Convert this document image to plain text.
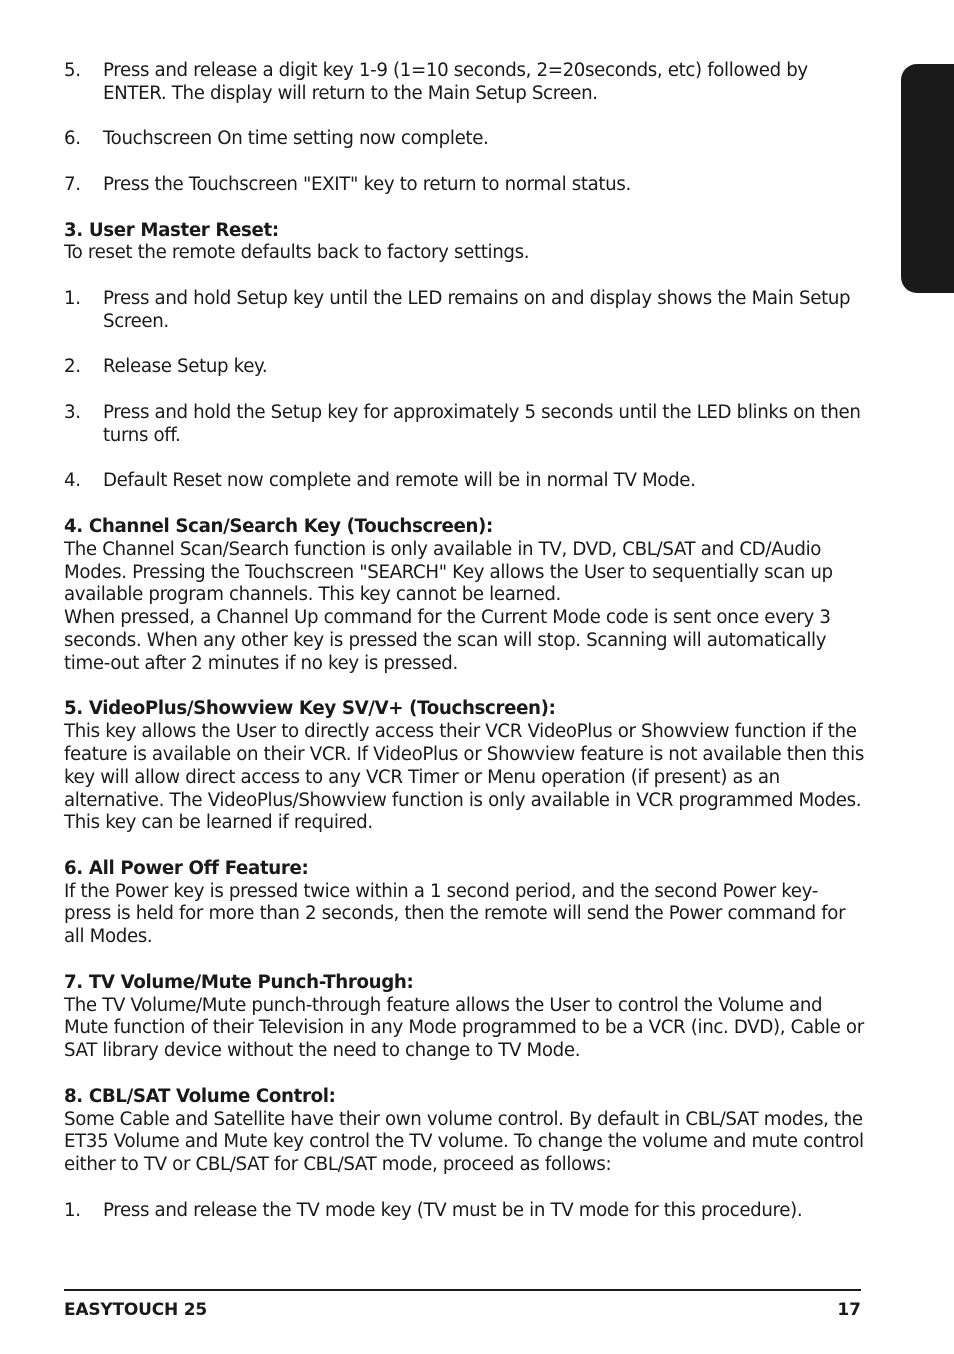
5.	Press and release a digit key 1-9 (1=10 seconds, 2=20seconds, etc) followed by ENTER. The display will return to the Main Setup Screen.
6.	Touchscreen On time setting now complete.
7.	Press the Touchscreen "EXIT" key to return to normal status.

3. User Master Reset:

To reset the remote defaults back to factory settings.

1.	Press and hold Setup key until the LED remains on and display shows the Main Setup Screen.
2.	Release Setup key.
3.	Press and hold the Setup key for approximately 5 seconds until the LED blinks on then turns off.
4.	Default Reset now complete and remote will be in normal TV Mode.

4. Channel Scan/Search Key (Touchscreen):

The Channel Scan/Search function is only available in TV, DVD, CBL/SAT and CD/Audio Modes. Pressing the Touchscreen "SEARCH" Key allows the User to sequentially scan up available program channels. This key cannot be learned.

When pressed, a Channel Up command for the Current Mode code is sent once every 3 seconds. When any other key is pressed the scan will stop. Scanning will automatically time-out after 2 minutes if no key is pressed.

5. VideoPlus/Showview Key SV/V+ (Touchscreen):

This key allows the User to directly access their VCR VideoPlus or Showview function if the feature is available on their VCR. If VideoPlus or Showview feature is not available then this key will allow direct access to any VCR Timer or Menu operation (if present) as an alternative. The VideoPlus/Showview function is only available in VCR programmed Modes. This key can be learned if required.

6. All Power Off Feature:

If the Power key is pressed twice within a 1 second period, and the second Power key-press is held for more than 2 seconds, then the remote will send the Power command for all Modes.

7. TV Volume/Mute Punch-Through:

The TV Volume/Mute punch-through feature allows the User to control the Volume and Mute function of their Television in any Mode programmed to be a VCR (inc. DVD), Cable or SAT library device without the need to change to TV Mode.

8. CBL/SAT Volume Control:

Some Cable and Satellite have their own volume control. By default in CBL/SAT modes, the ET35 Volume and Mute key control the TV volume. To change the volume and mute control either to TV or CBL/SAT for CBL/SAT mode, proceed as follows:

1.	Press and release the TV mode key (TV must be in TV mode for this procedure).
EASYTOUCH 25	17
